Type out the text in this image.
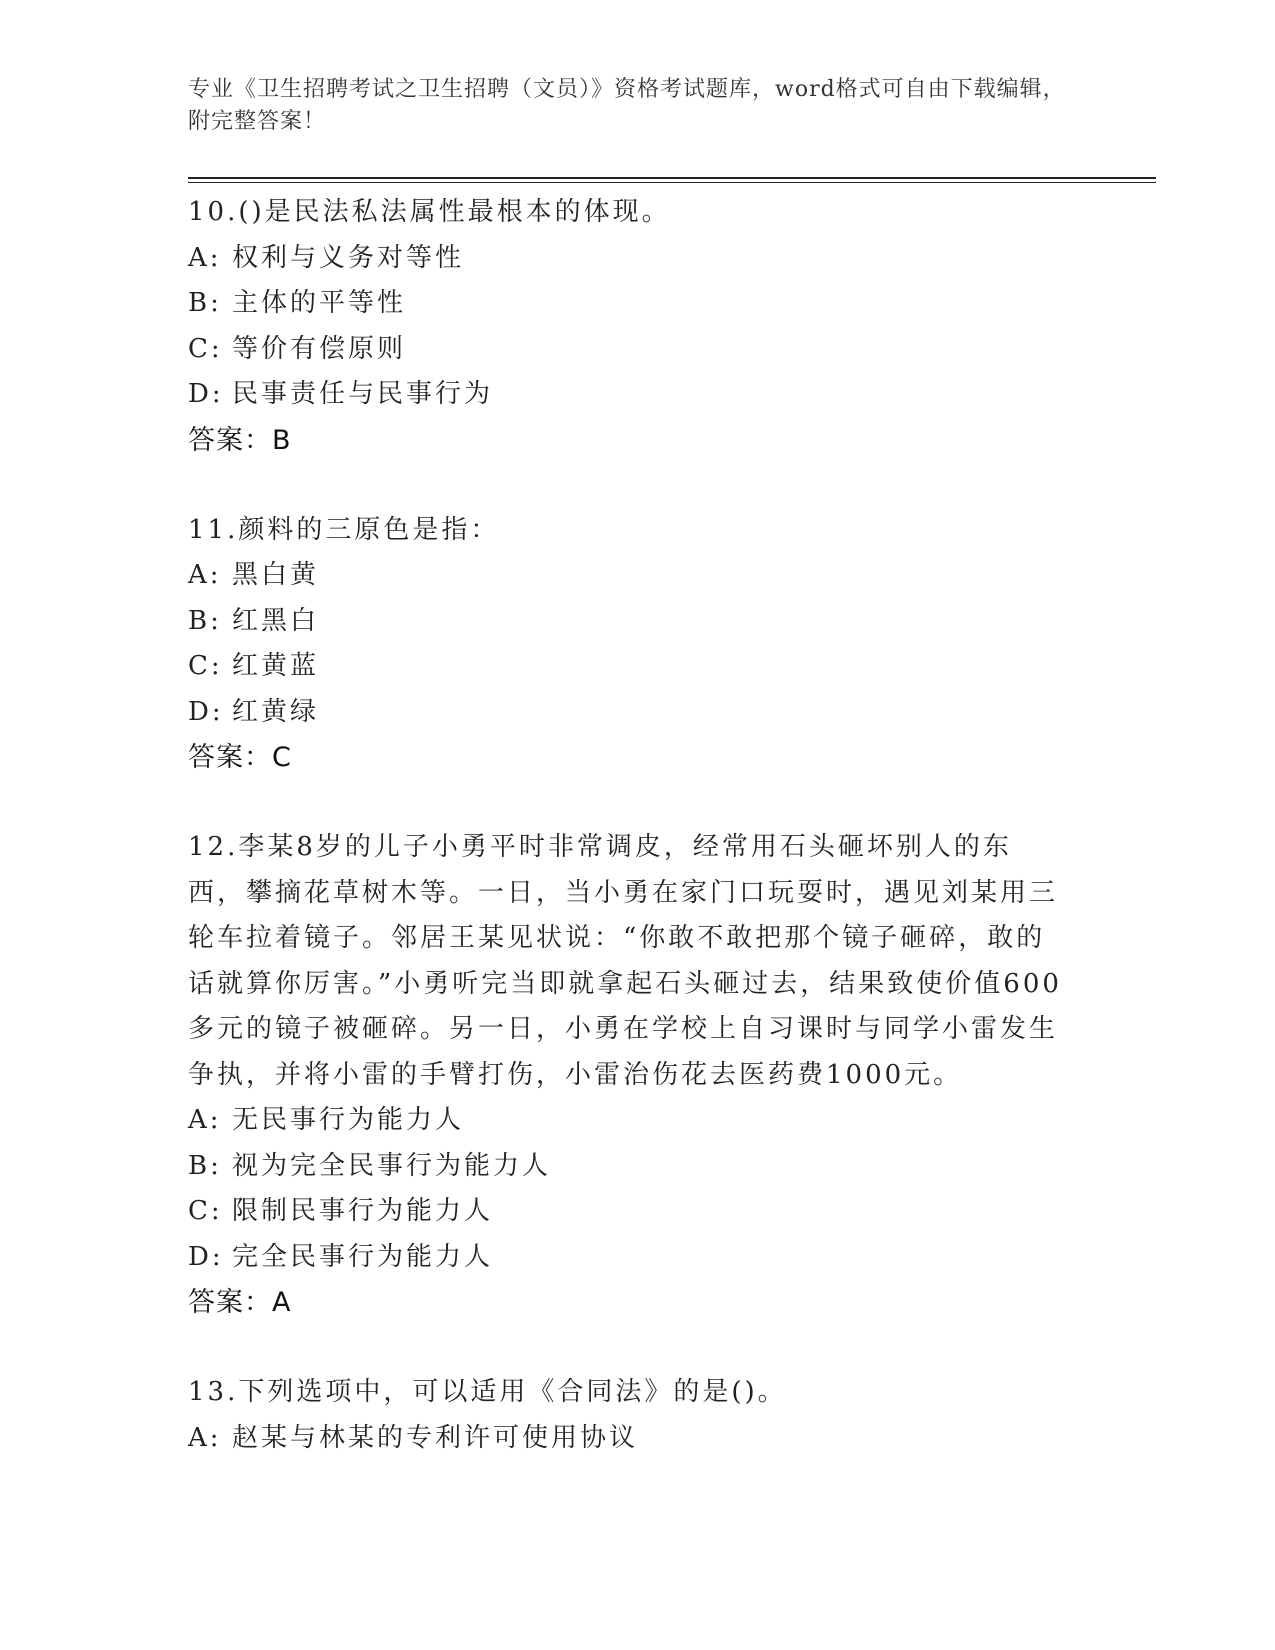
专业《卫生招聘考试之卫生招聘（文员）》资格考试题库，word格式可自由下载编辑，附完整答案！
10.()是民法私法属性最根本的体现。
A: 权利与义务对等性
B: 主体的平等性
C: 等价有偿原则
D: 民事责任与民事行为
答案：B
11.颜料的三原色是指：
A: 黑白黄
B: 红黑白
C: 红黄蓝
D: 红黄绿
答案：C
12.李某8岁的儿子小勇平时非常调皮，经常用石头砸坏别人的东西，攀摘花草树木等。一日，当小勇在家门口玩耍时，遇见刘某用三轮车拉着镜子。邻居王某见状说：“你敢不敢把那个镜子砸碎，敢的话就算你厉害。”小勇听完当即就拿起石头砸过去，结果致使价值600多元的镜子被砸碎。另一日，小勇在学校上自习课时与同学小雷发生争执，并将小雷的手臂打伤，小雷治伤花去医药费1000元。
A: 无民事行为能力人
B: 视为完全民事行为能力人
C: 限制民事行为能力人
D: 完全民事行为能力人
答案：A
13.下列选项中，可以适用《合同法》的是()。
A: 赵某与林某的专利许可使用协议
